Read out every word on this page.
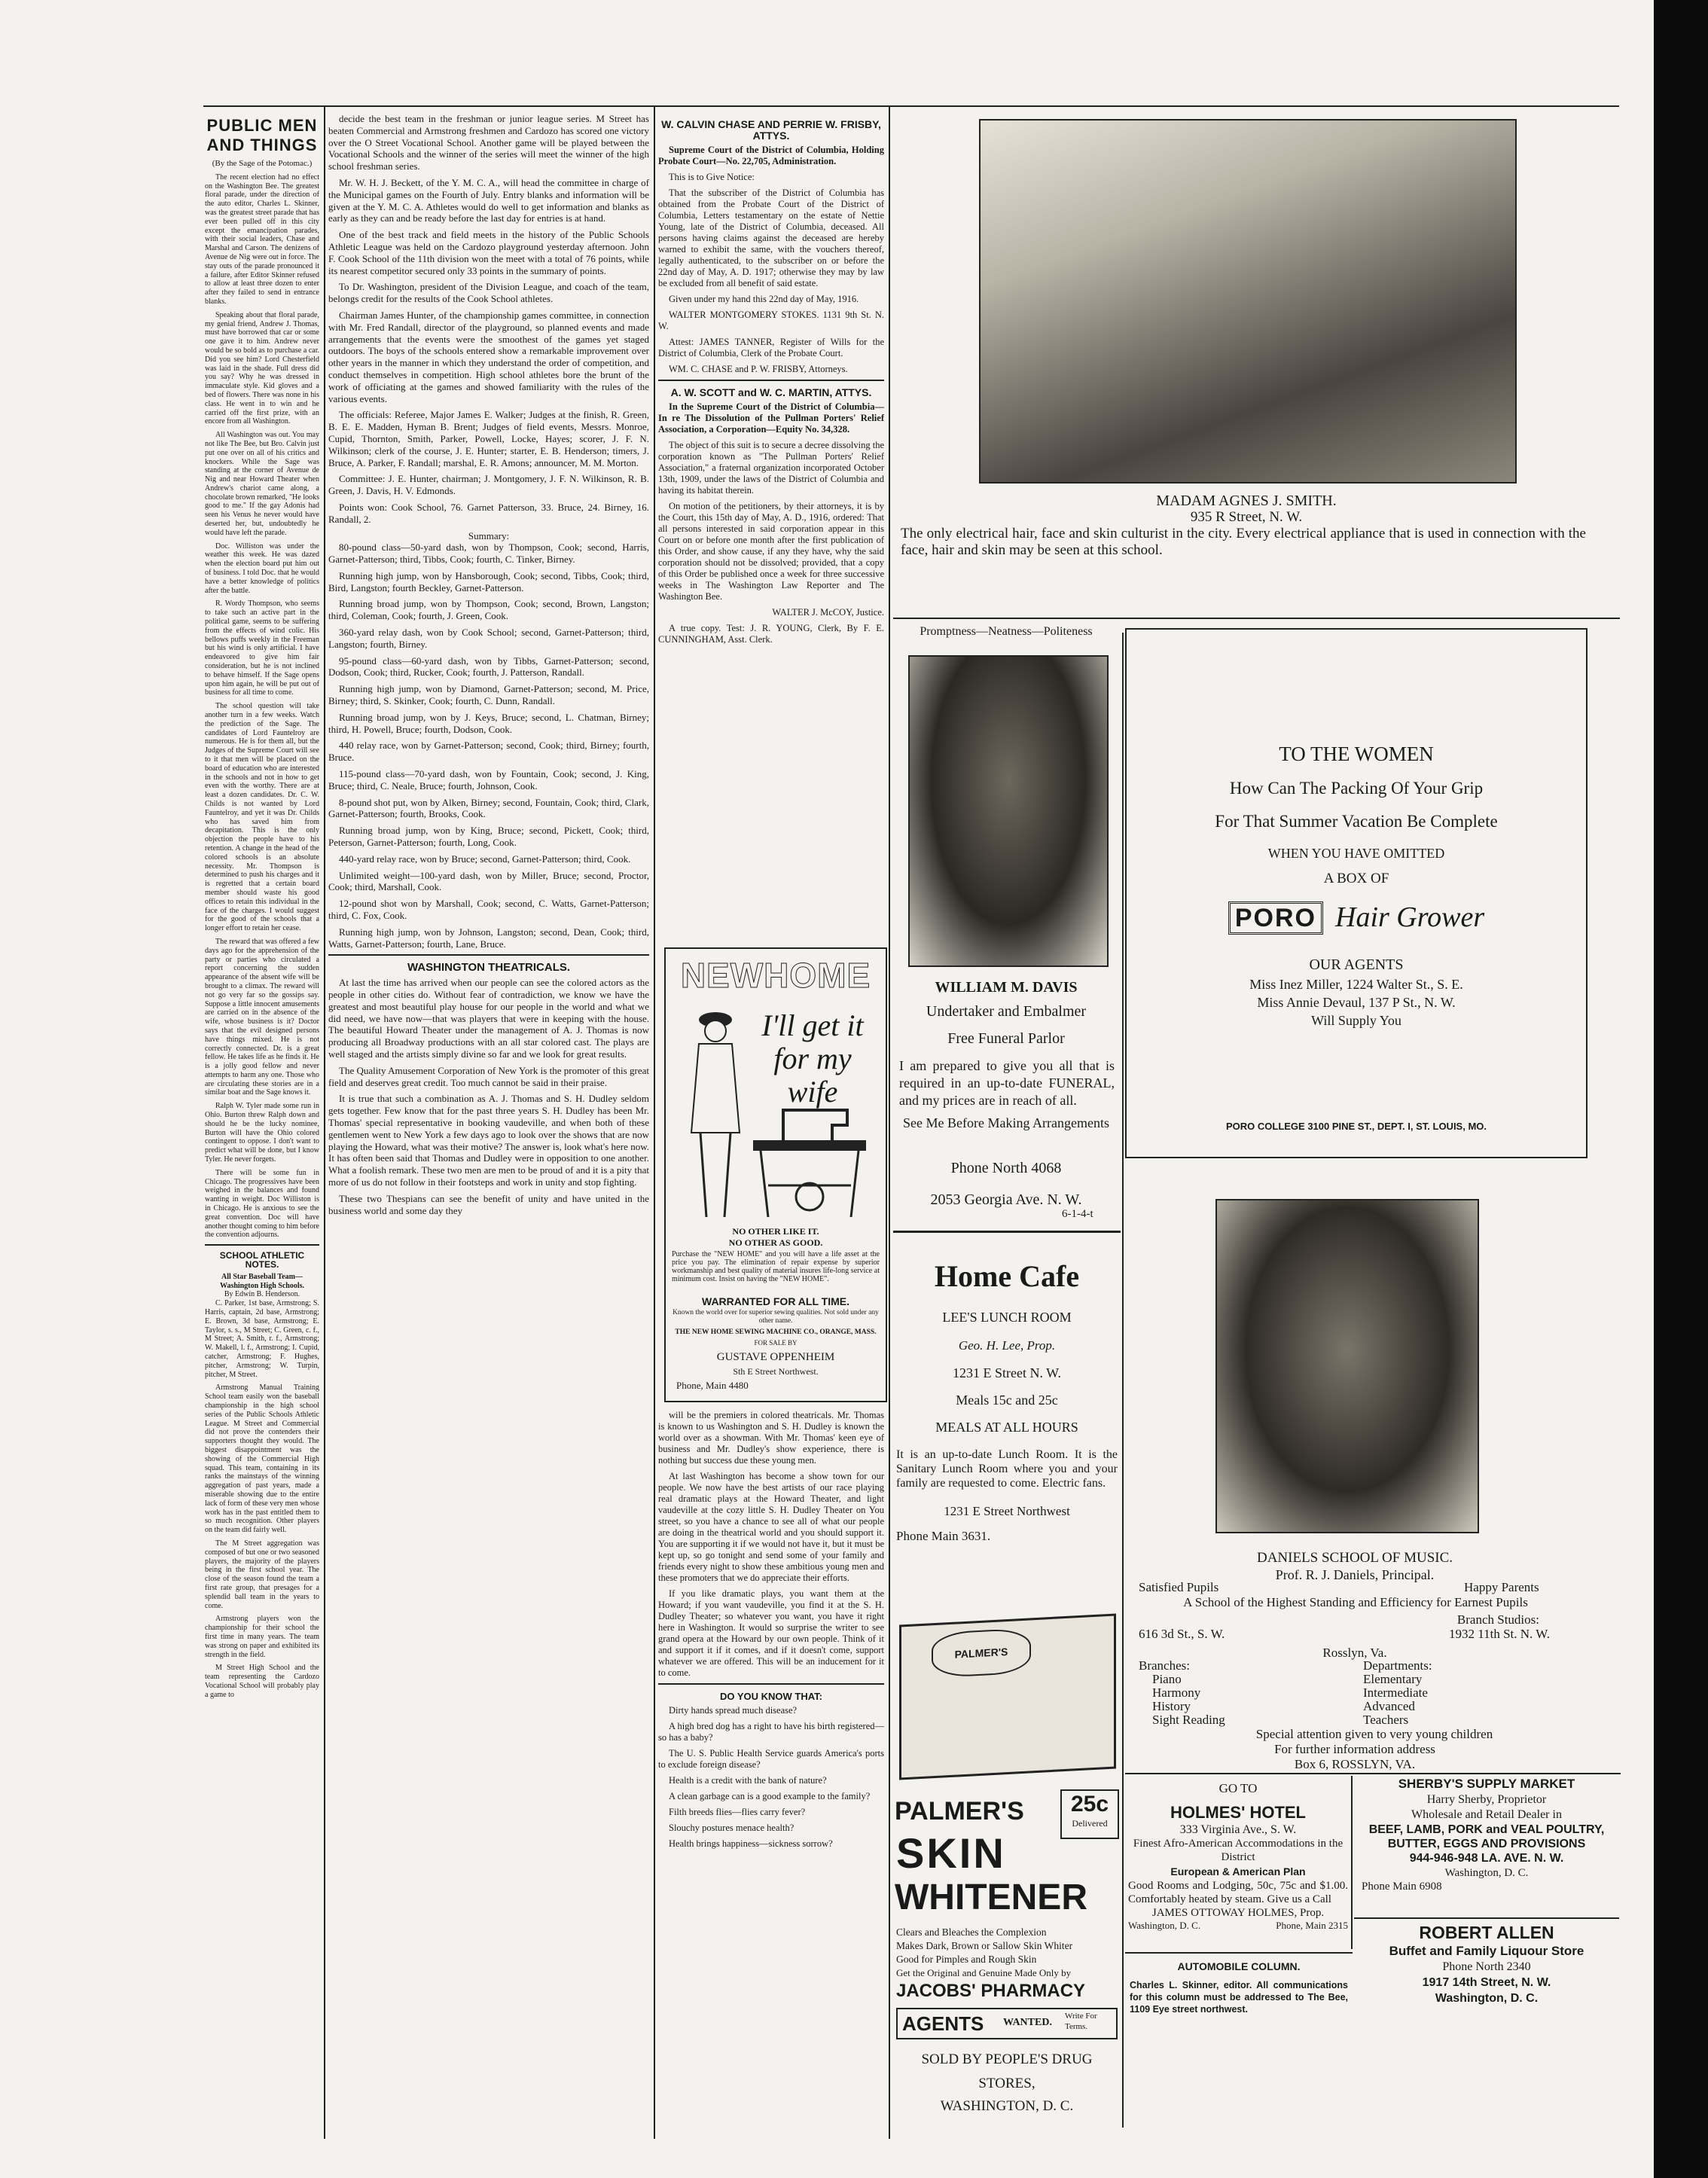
PUBLIC MEN AND THINGS
(By the Sage of the Potomac.)

The recent election had no effect on the Washington Bee. The greatest floral parade, under the direction of the auto editor, Charles L. Skinner, was the greatest street parade that has ever been pulled off in this city except the emancipation parades, with their social leaders, Chase and Marshal and Carson. The denizens of Avenue de Nig were out in force. The stay outs of the parade pronounced it a failure, after Editor Skinner refused to allow at least three dozen to enter after they failed to send in entrance blanks.

Speaking about that floral parade, my genial friend, Andrew J. Thomas, must have borrowed that car or some one gave it to him. Andrew never would be so bold as to purchase a car. Did you see him? Lord Chesterfield was laid in the shade. Full dress did you say? Why he was dressed in immaculate style. Kid gloves and a bed of flowers. There was none in his class. He went in to win and he carried off the first prize, with an encore from all Washington.

All Washington was out. You may not like The Bee, but Bro. Calvin just put one over on all of his critics and knockers. While the Sage was standing at the corner of Avenue de Nig and near Howard Theater when Andrew's chariot came along, a chocolate brown remarked, "He looks good to me." If the gay Adonis had seen his Venus he never would have deserted her, but, undoubtedly he would have left the parade.

Doc. Williston was under the weather this week. He was dazed when the election board put him out of business. I told Doc. that he would have a better knowledge of politics after the battle.

R. Wordy Thompson, who seems to take such an active part in the political game, seems to be suffering from the effects of wind colic. His bellows puffs weekly in the Freeman but his wind is only artificial. I have endeavored to give him fair consideration, but he is not inclined to behave himself. If the Sage opens upon him again, he will be put out of business for all time to come.

The school question will take another turn in a few weeks. Watch the prediction of the Sage. The candidates of Lord Fauntelroy are numerous. He is for them all, but the Judges of the Supreme Court will see to it that men will be placed on the board of education who are interested in the schools and not in how to get even with the worthy. There are at least a dozen candidates. Dr. C. W. Childs is not wanted by Lord Fauntelroy, and yet it was Dr. Childs who has saved him from decapitation. This is the only objection the people have to his retention. A change in the head of the colored schools is an absolute necessity. Mr. Thompson is determined to push his charges and it is regretted that a certain board member should waste his good offices to retain this individual in the face of the charges. I would suggest for the good of the schools that a longer effort to retain her cease.

The reward that was offered a few days ago for the apprehension of the party or parties who circulated a report concerning the sudden appearance of the absent wife will be brought to a climax. The reward will not go very far so the gossips say. Suppose a little innocent amusements are carried on in the absence of the wife, whose business is it? Doctor says that the evil designed persons have things mixed. He is not correctly connected. Dr. is a great fellow. He takes life as he finds it. He is a jolly good fellow and never attempts to harm any one. Those who are circulating these stories are in a similar boat and the Sage knows it.

Ralph W. Tyler made some run in Ohio. Burton threw Ralph down and should he be the lucky nominee, Burton will have the Ohio colored contingent to oppose. I don't want to predict what will be done, but I know Tyler. He never forgets.

There will be some fun in Chicago. The progressives have been weighed in the balances and found wanting in weight. Doc Williston is in Chicago. He is anxious to see the great convention. Doc will have another thought coming to him before the convention adjourns.

SCHOOL ATHLETIC NOTES.
All Star Baseball Team—Washington High Schools.
By Edwin B. Henderson.

C. Parker, 1st base, Armstrong; S. Harris, captain, 2d base, Armstrong; E. Brown, 3d base, Armstrong; E. Taylor, s. s., M Street; C. Green, c. f., M Street; A. Smith, r. f., Armstrong; W. Makell, l. f., Armstrong; I. Cupid, catcher, Armstrong; F. Hughes, pitcher, Armstrong; W. Turpin, pitcher, M Street.

Armstrong Manual Training School team easily won the baseball championship in the high school series of the Public Schools Athletic League. M Street and Commercial did not prove the contenders their supporters thought they would. The biggest disappointment was the showing of the Commercial High squad. This team, containing in its ranks the mainstays of the winning aggregation of past years, made a miserable showing due to the entire lack of form of these very men whose work has in the past entitled them to so much recognition. Other players on the team did fairly well.

The M Street aggregation was composed of but one or two seasoned players, the majority of the players being in the first school year. The close of the season found the team a first rate group, that presages for a splendid ball team in the years to come.

Armstrong players won the championship for their school the first time in many years. The team was strong on paper and exhibited its strength in the field.

M Street High School and the team representing the Cardozo Vocational School will probably play a game to

decide the best team in the freshman or junior league series. M Street has beaten Commercial and Armstrong freshmen and Cardozo has scored one victory over the O Street Vocational School. Another game will be played between the Vocational Schools and the winner of the series will meet the winner of the high school freshman series.

Mr. W. H. J. Beckett, of the Y. M. C. A., will head the committee in charge of the Municipal games on the Fourth of July. Entry blanks and information will be given at the Y. M. C. A. Athletes would do well to get information and blanks as early as they can and be ready before the last day for entries is at hand.

One of the best track and field meets in the history of the Public Schools Athletic League was held on the Cardozo playground yesterday afternoon. John F. Cook School of the 11th division won the meet with a total of 76 points, while its nearest competitor secured only 33 points in the summary of points.

To Dr. Washington, president of the Division League, and coach of the team, belongs credit for the results of the Cook School athletes.

Chairman James Hunter, of the championship games committee, in connection with Mr. Fred Randall, director of the playground, so planned events and made arrangements that the events were the smoothest of the games yet staged outdoors. The boys of the schools entered show a remarkable improvement over other years in the manner in which they understand the order of competition, and conduct themselves in competition. High school athletes bore the brunt of the work of officiating at the games and showed familiarity with the rules of the various events.

The officials: Referee, Major James E. Walker; Judges at the finish, R. Green, B. E. E. Madden, Hyman B. Brent; Judges of field events, Messrs. Monroe, Cupid, Thornton, Smith, Parker, Powell, Locke, Hayes; scorer, J. F. N. Wilkinson; clerk of the course, J. E. Hunter; starter, E. B. Henderson; timers, J. Bruce, A. Parker, F. Randall; marshal, E. R. Amons; announcer, M. M. Morton.

Committee: J. E. Hunter, chairman; J. Montgomery, J. F. N. Wilkinson, R. B. Green, J. Davis, H. V. Edmonds.

Points won: Cook School, 76. Garnet Patterson, 33. Bruce, 24. Birney, 16. Randall, 2.

Summary:

80-pound class—50-yard dash, won by Thompson, Cook; second, Harris, Garnet-Patterson; third, Tibbs, Cook; fourth, C. Tinker, Birney.

Running high jump, won by Hansborough, Cook; second, Tibbs, Cook; third, Bird, Langston; fourth Beckley, Garnet-Patterson.

Running broad jump, won by Thompson, Cook; second, Brown, Langston; third, Coleman, Cook; fourth, J. Green, Cook.

360-yard relay dash, won by Cook School; second, Garnet-Patterson; third, Langston; fourth, Birney.

95-pound class—60-yard dash, won by Tibbs, Garnet-Patterson; second, Dodson, Cook; third, Rucker, Cook; fourth, J. Patterson, Randall.

Running high jump, won by Diamond, Garnet-Patterson; second, M. Price, Birney; third, S. Skinker, Cook; fourth, C. Dunn, Randall.

Running broad jump, won by J. Keys, Bruce; second, L. Chatman, Birney; third, H. Powell, Bruce; fourth, Dodson, Cook.

440 relay race, won by Garnet-Patterson; second, Cook; third, Birney; fourth, Bruce.

115-pound class—70-yard dash, won by Fountain, Cook; second, J. King, Bruce; third, C. Neale, Bruce; fourth, Johnson, Cook.

8-pound shot put, won by Alken, Birney; second, Fountain, Cook; third, Clark, Garnet-Patterson; fourth, Brooks, Cook.

Running broad jump, won by King, Bruce; second, Pickett, Cook; third, Peterson, Garnet-Patterson; fourth, Long, Cook.

440-yard relay race, won by Bruce; second, Garnet-Patterson; third, Cook.

Unlimited weight—100-yard dash, won by Miller, Bruce; second, Proctor, Cook; third, Marshall, Cook.

12-pound shot won by Marshall, Cook; second, C. Watts, Garnet-Patterson; third, C. Fox, Cook.

Running high jump, won by Johnson, Langston; second, Dean, Cook; third, Watts, Garnet-Patterson; fourth, Lane, Bruce.

WASHINGTON THEATRICALS.

At last the time has arrived when our people can see the colored actors as the people in other cities do. Without fear of contradiction, we know we have the greatest and most beautiful play house for our people in the world and what we did need, we have now—that was players that were in keeping with the house. The beautiful Howard Theater under the management of A. J. Thomas is now producing all Broadway productions with an all star colored cast. The plays are well staged and the artists simply divine so far and we look for great results.

The Quality Amusement Corporation of New York is the promoter of this great field and deserves great credit. Too much cannot be said in their praise.

It is true that such a combination as A. J. Thomas and S. H. Dudley seldom gets together. Few know that for the past three years S. H. Dudley has been Mr. Thomas' special representative in booking vaudeville, and when both of these gentlemen went to New York a few days ago to look over the shows that are now playing the Howard, what was their motive? The answer is, look what's here now. It has often been said that Thomas and Dudley were in opposition to one another. What a foolish remark. These two men are men to be proud of and it is a pity that more of us do not follow in their footsteps and work in unity and stop fighting.

These two Thespians can see the benefit of unity and have united in the business world and some day they

W. CALVIN CHASE AND PERRIE W. FRISBY, ATTYS.

Supreme Court of the District of Columbia, Holding Probate Court—No. 22,705, Administration.

This is to Give Notice:

That the subscriber of the District of Columbia has obtained from the Probate Court of the District of Columbia, Letters testamentary on the estate of Nettie Young, late of the District of Columbia, deceased. All persons having claims against the deceased are hereby warned to exhibit the same, with the vouchers thereof, legally authenticated, to the subscriber on or before the 22nd day of May, A. D. 1917; otherwise they may by law be excluded from all benefit of said estate.

Given under my hand this 22nd day of May, 1916.

WALTER MONTGOMERY STOKES. 1131 9th St. N. W.

Attest: JAMES TANNER, Register of Wills for the District of Columbia, Clerk of the Probate Court.

WM. C. CHASE and P. W. FRISBY, Attorneys.

A. W. SCOTT and W. C. MARTIN, ATTYS.

In the Supreme Court of the District of Columbia—In re The Dissolution of the Pullman Porters' Relief Association, a Corporation—Equity No. 34,328.

The object of this suit is to secure a decree dissolving the corporation known as "The Pullman Porters' Relief Association," a fraternal organization incorporated October 13th, 1909, under the laws of the District of Columbia and having its habitat therein.

On motion of the petitioners, by their attorneys, it is by the Court, this 15th day of May, A. D., 1916, ordered: That all persons interested in said corporation appear in this Court on or before one month after the first publication of this Order, and show cause, if any they have, why the said corporation should not be dissolved; provided, that a copy of this Order be published once a week for three successive weeks in The Washington Law Reporter and The Washington Bee.

WALTER J. McCOY, Justice.

A true copy. Test: J. R. YOUNG, Clerk, By F. E. CUNNINGHAM, Asst. Clerk.

NEWHOME
I'll get it for my wife
NO OTHER LIKE IT.
NO OTHER AS GOOD.
Purchase the "NEW HOME" and you will have a life asset at the price you pay. The elimination of repair expense by superior workmanship and best quality of material insures life-long service at minimum cost. Insist on having the "NEW HOME".
WARRANTED FOR ALL TIME.
Known the world over for superior sewing qualities. Not sold under any other name.
THE NEW HOME SEWING MACHINE CO., ORANGE, MASS.
FOR SALE BY
GUSTAVE OPPENHEIM
Sth E Street Northwest.
Phone, Main 4480

will be the premiers in colored theatricals. Mr. Thomas is known to us Washington and S. H. Dudley is known the world over as a showman. With Mr. Thomas' keen eye of business and Mr. Dudley's show experience, there is nothing but success due these young men.

At last Washington has become a show town for our people. We now have the best artists of our race playing real dramatic plays at the Howard Theater, and light vaudeville at the cozy little S. H. Dudley Theater on You street, so you have a chance to see all of what our people are doing in the theatrical world and you should support it. You are supporting it if we would not have it, but it must be kept up, so go tonight and send some of your family and friends every night to show these ambitious young men and these promoters that we do appreciate their efforts.

If you like dramatic plays, you want them at the Howard; if you want vaudeville, you find it at the S. H. Dudley Theater; so whatever you want, you have it right here in Washington. It would so surprise the writer to see grand opera at the Howard by our own people. Think of it and support it if it comes, and if it doesn't come, support whatever we are offered. This will be an inducement for it to come.

DO YOU KNOW THAT:

Dirty hands spread much disease?

A high bred dog has a right to have his birth registered—so has a baby?

The U. S. Public Health Service guards America's ports to exclude foreign disease?

Health is a credit with the bank of nature?

A clean garbage can is a good example to the family?

Filth breeds flies—flies carry fever?

Slouchy postures menace health?

Health brings happiness—sickness sorrow?

MADAM AGNES J. SMITH.
935 R Street, N. W.
The only electrical hair, face and skin culturist in the city. Every electrical appliance that is used in connection with the face, hair and skin may be seen at this school.
Promptness—Neatness—Politeness
WILLIAM M. DAVIS
Undertaker and Embalmer
Free Funeral Parlor
I am prepared to give you all that is required in an up-to-date FUNERAL, and my prices are in reach of all.
See Me Before Making Arrangements
Phone North 4068
2053 Georgia Ave. N. W.
6-1-4-t
TO THE WOMEN
How Can The Packing Of Your Grip
For That Summer Vacation Be Complete
WHEN YOU HAVE OMITTED
A BOX OF
PORO Hair Grower
OUR AGENTS
Miss Inez Miller, 1224 Walter St., S. E.
Miss Annie Devaul, 137 P St., N. W.
Will Supply You
PORO COLLEGE 3100 PINE ST., DEPT. I, ST. LOUIS, MO.
Home Cafe
LEE'S LUNCH ROOM
Geo. H. Lee, Prop.
1231 E Street N. W.
Meals 15c and 25c
MEALS AT ALL HOURS
It is an up-to-date Lunch Room. It is the Sanitary Lunch Room where you and your family are requested to come. Electric fans.
1231 E Street Northwest
Phone Main 3631.
DANIELS SCHOOL OF MUSIC.
Prof. R. J. Daniels, Principal.
Satisfied Pupils	Happy Parents
A School of the Highest Standing and Efficiency for Earnest Pupils
Branch Studios:
616 3d St., S. W.	1932 11th St. N. W.
Rosslyn, Va.
Branches:
Piano
Harmony
History
Sight Reading
Departments:
Elementary
Intermediate
Advanced
Teachers
Special attention given to very young children
For further information address
Box 6, ROSSLYN, VA.
PALMER'S
PALMER'S	25c
Delivered
SKIN
WHITENER
Clears and Bleaches the Complexion
Makes Dark, Brown or Sallow Skin Whiter
Good for Pimples and Rough Skin
Get the Original and Genuine Made Only by
JACOBS' PHARMACY
AGENTS WANTED.
Write For Terms.
SOLD BY PEOPLE'S DRUG
STORES,
WASHINGTON, D. C.
GO TO
HOLMES' HOTEL
333 Virginia Ave., S. W.
Finest Afro-American Accommodations in the District
European & American Plan
Good Rooms and Lodging, 50c, 75c and $1.00. Comfortably heated by steam. Give us a Call
JAMES OTTOWAY HOLMES, Prop.
Washington, D. C.	Phone, Main 2315
SHERBY'S SUPPLY MARKET
Harry Sherby, Proprietor
Wholesale and Retail Dealer in
BEEF, LAMB, PORK and VEAL POULTRY, BUTTER, EGGS AND PROVISIONS
944-946-948 LA. AVE. N. W.
Washington, D. C.
Phone Main 6908
ROBERT ALLEN
Buffet and Family Liquour Store
Phone North 2340
1917 14th Street, N. W.
Washington, D. C.
AUTOMOBILE COLUMN.
Charles L. Skinner, editor. All communications for this column must be addressed to The Bee, 1109 Eye street northwest.
